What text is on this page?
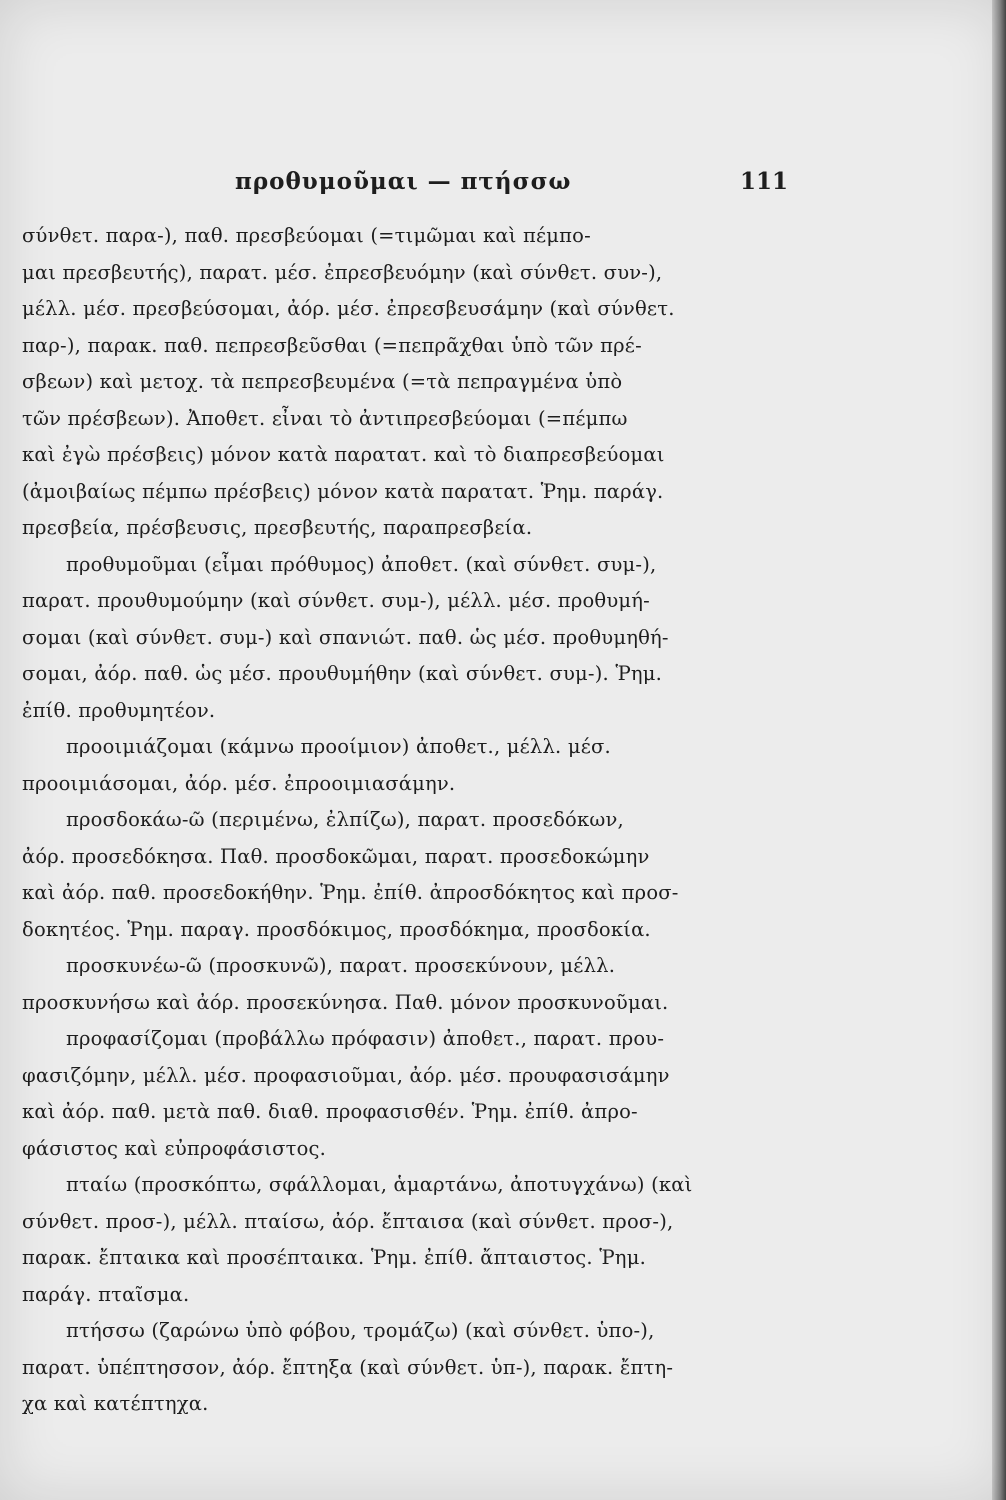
προθυμοῦμαι — πτήσσω	111
σύνθετ. παρα-), παθ. πρεσβεύομαι (=τιμῶμαι καὶ πέμπο-
μαι πρεσβευτής), παρατ. μέσ. ἐπρεσβευόμην (καὶ σύνθετ. συν-),
μέλλ. μέσ. πρεσβεύσομαι, ἀόρ. μέσ. ἐπρεσβευσάμην (καὶ σύνθετ.
παρ-), παρακ. παθ. πεπρεσβεῦσθαι (=πεπρᾶχθαι ὑπὸ τῶν πρέ-
σβεων) καὶ μετοχ. τὰ πεπρεσβευμένα (=τὰ πεπραγμένα ὑπὸ
τῶν πρέσβεων). Ἀποθετ. εἶναι τὸ ἀντιπρεσβεύομαι (=πέμπω
καὶ ἐγὼ πρέσβεις) μόνον κατὰ παρατατ. καὶ τὸ διαπρεσβεύομαι
(ἀμοιβαίως πέμπω πρέσβεις) μόνον κατὰ παρατατ. Ῥημ. παράγ.
πρεσβεία, πρέσβευσις, πρεσβευτής, παραπρεσβεία.
προθυμοῦμαι (εἶμαι πρόθυμος) ἀποθετ. (καὶ σύνθετ. συμ-),
παρατ. προυθυμούμην (καὶ σύνθετ. συμ-), μέλλ. μέσ. προθυμή-
σομαι (καὶ σύνθετ. συμ-) καὶ σπανιώτ. παθ. ὡς μέσ. προθυμηθή-
σομαι, ἀόρ. παθ. ὡς μέσ. προυθυμήθην (καὶ σύνθετ. συμ-). Ῥημ.
ἐπίθ. προθυμητέον.
προοιμιάζομαι (κάμνω προοίμιον) ἀποθετ., μέλλ. μέσ.
προοιμιάσομαι, ἀόρ. μέσ. ἐπροοιμιασάμην.
προσδοκάω-ῶ (περιμένω, ἐλπίζω), παρατ. προσεδόκων,
ἀόρ. προσεδόκησα. Παθ. προσδοκῶμαι, παρατ. προσεδοκώμην
καὶ ἀόρ. παθ. προσεδοκήθην. Ῥημ. ἐπίθ. ἀπροσδόκητος καὶ προσ-
δοκητέος. Ῥημ. παραγ. προσδόκιμος, προσδόκημα, προσδοκία.
προσκυνέω-ῶ (προσκυνῶ), παρατ. προσεκύνουν, μέλλ.
προσκυνήσω καὶ ἀόρ. προσεκύνησα. Παθ. μόνον προσκυνοῦμαι.
προφασίζομαι (προβάλλω πρόφασιν) ἀποθετ., παρατ. πρου-
φασιζόμην, μέλλ. μέσ. προφασιοῦμαι, ἀόρ. μέσ. προυφασισάμην
καὶ ἀόρ. παθ. μετὰ παθ. διαθ. προφασισθέν. Ῥημ. ἐπίθ. ἀπρο-
φάσιστος καὶ εὐπροφάσιστος.
πταίω (προσκόπτω, σφάλλομαι, ἁμαρτάνω, ἀποτυγχάνω) (καὶ
σύνθετ. προσ-), μέλλ. πταίσω, ἀόρ. ἔπταισα (καὶ σύνθετ. προσ-),
παρακ. ἔπταικα καὶ προσέπταικα. Ῥημ. ἐπίθ. ἄπταιστος. Ῥημ.
παράγ. πταῖσμα.
πτήσσω (ζαρώνω ὑπὸ φόβου, τρομάζω) (καὶ σύνθετ. ὑπο-),
παρατ. ὑπέπτησσον, ἀόρ. ἔπτηξα (καὶ σύνθετ. ὑπ-), παρακ. ἔπτη-
χα καὶ κατέπτηχα.
